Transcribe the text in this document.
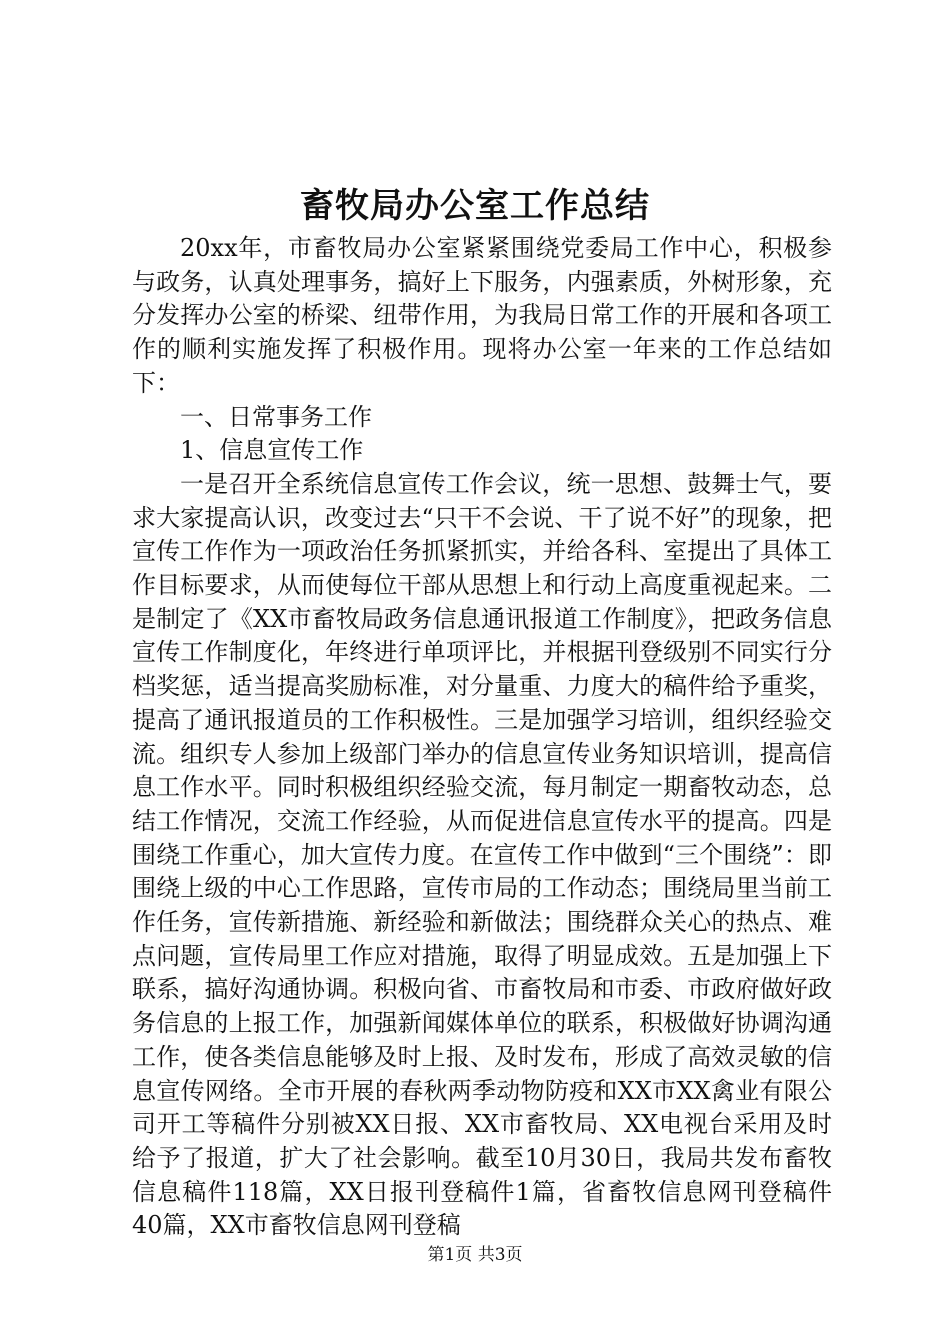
畜牧局办公室工作总结

20xx年，市畜牧局办公室紧紧围绕党委局工作中心，积极参与政务，认真处理事务，搞好上下服务，内强素质，外树形象，充分发挥办公室的桥梁、纽带作用，为我局日常工作的开展和各项工作的顺利实施发挥了积极作用。现将办公室一年来的工作总结如下：

一、日常事务工作

1、信息宣传工作

一是召开全系统信息宣传工作会议，统一思想、鼓舞士气，要求大家提高认识，改变过去“只干不会说、干了说不好”的现象，把宣传工作作为一项政治任务抓紧抓实，并给各科、室提出了具体工作目标要求，从而使每位干部从思想上和行动上高度重视起来。二是制定了《XX市畜牧局政务信息通讯报道工作制度》，把政务信息宣传工作制度化，年终进行单项评比，并根据刊登级别不同实行分档奖惩，适当提高奖励标准，对分量重、力度大的稿件给予重奖，提高了通讯报道员的工作积极性。三是加强学习培训，组织经验交流。组织专人参加上级部门举办的信息宣传业务知识培训，提高信息工作水平。同时积极组织经验交流，每月制定一期畜牧动态，总结工作情况，交流工作经验，从而促进信息宣传水平的提高。四是围绕工作重心，加大宣传力度。在宣传工作中做到“三个围绕”：即围绕上级的中心工作思路，宣传市局的工作动态；围绕局里当前工作任务，宣传新措施、新经验和新做法；围绕群众关心的热点、难点问题，宣传局里工作应对措施，取得了明显成效。五是加强上下联系，搞好沟通协调。积极向省、市畜牧局和市委、市政府做好政务信息的上报工作，加强新闻媒体单位的联系，积极做好协调沟通工作，使各类信息能够及时上报、及时发布，形成了高效灵敏的信息宣传网络。全市开展的春秋两季动物防疫和XX市XX禽业有限公司开工等稿件分别被XX日报、XX市畜牧局、XX电视台采用及时给予了报道，扩大了社会影响。截至10月30日，我局共发布畜牧信息稿件118篇，XX日报刊登稿件1篇，省畜牧信息网刊登稿件40篇，XX市畜牧信息网刊登稿

第1页 共3页
